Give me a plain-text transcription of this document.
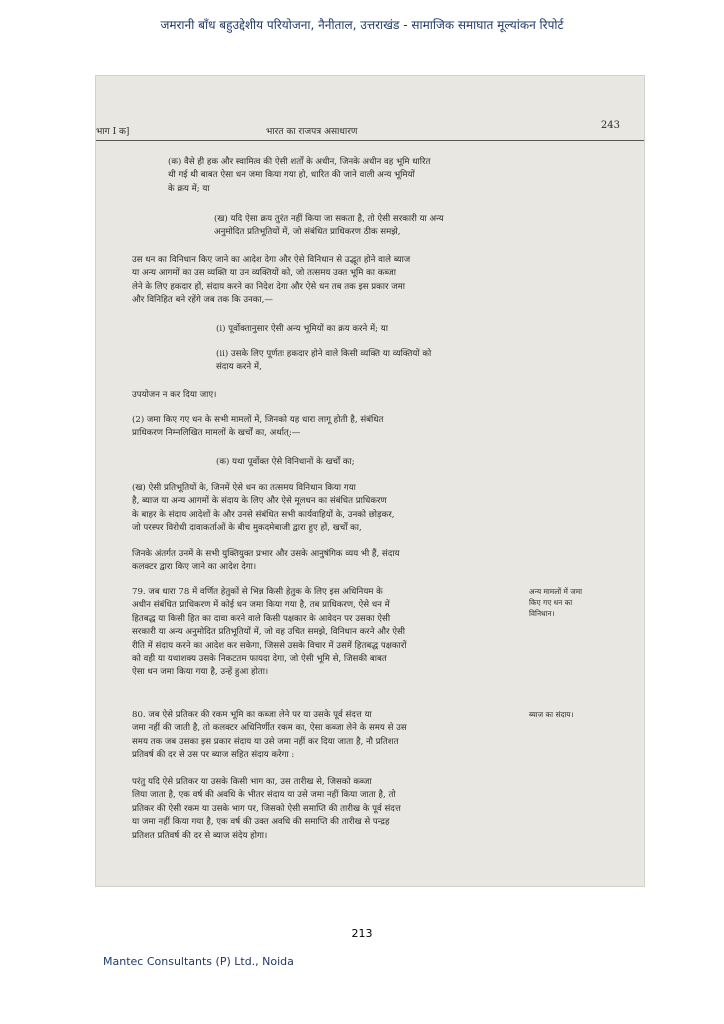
जमरानी बाँध बहुउद्देशीय परियोजना, नैनीताल, उत्तराखंड - सामाजिक समाघात मूल्यांकन रिपोर्ट
भाग I क]	भारत का राजपत्र असाधारण
243
(क) वैसे ही हक और स्वामित्व की ऐसी शर्तों के अधीन, जिनके अधीन वह भूमि धारित
थी गई थी बाबत ऐसा धन जमा किया गया हो, धारित की जाने वाली अन्य भूमियों
के क्रय में; या
(ख) यदि ऐसा क्रय तुरंत नहीं किया जा सकता है, तो ऐसी सरकारी या अन्य
अनुमोदित प्रतिभूतियों में, जो संबंधित प्राधिकरण ठीक समझे,
उस धन का विनिधान किए जाने का आदेश देगा और ऐसे विनिधान से उद्भूत होने वाले ब्याज
या अन्य आगमों का उस व्यक्ति या उन व्यक्तियों को, जो तत्समय उक्त भूमि का कब्जा
लेने के लिए हकदार हों, संदाय करने का निदेश देगा और ऐसे धन तब तक इस प्रकार जमा
और विनिहित बने रहेंगे जब तक कि उनका,—
(i) पूर्वोक्तानुसार ऐसी अन्य भूमियों का क्रय करने में; या
(ii) उसके लिए पूर्णतः हकदार होने वाले किसी व्यक्ति या व्यक्तियों को
संदाय करने में,
उपयोजन न कर दिया जाए।
(2) जमा किए गए धन के सभी मामलों में, जिनको यह धारा लागू होती है, संबंधित
प्राधिकरण निम्नलिखित मामलों के खर्चों का, अर्थात्:—
(क) यथा पूर्वोक्त ऐसे विनिधानों के खर्चों का;
(ख) ऐसी प्रतिभूतियों के, जिनमें ऐसे धन का तत्समय विनिधान किया गया
है, ब्याज या अन्य आगमों के संदाय के लिए और ऐसे मूलधन का संबंधित प्राधिकरण
के बाहर के संदाय आदेशों के और उनसे संबंधित सभी कार्यवाहियों के, उनको छोड़कर,
जो परस्पर विरोधी दावाकर्ताओं के बीच मुकदमेबाजी द्वारा हुए हों, खर्चों का,
जिनके अंतर्गत उनमें के सभी युक्तियुक्त प्रभार और उसके आनुषंगिक व्यय भी हैं, संदाय
कलक्टर द्वारा किए जाने का आदेश देगा।
79. जब धारा 78 में वर्णित हेतुकों से भिन्न किसी हेतुक के लिए इस अधिनियम के
अधीन संबंधित प्राधिकरण में कोई धन जमा किया गया है, तब प्राधिकरण, ऐसे धन में
हितबद्ध या किसी हित का दावा करने वाले किसी पक्षकार के आवेदन पर उसका ऐसी
सरकारी या अन्य अनुमोदित प्रतिभूतियों में, जो वह उचित समझे, विनिधान करने और ऐसी
रीति में संदाय करने का आदेश कर सकेगा, जिससे उसके विचार में उसमें हितबद्ध पक्षकारों
को वही या यथाशक्य उसके निकटतम फायदा देगा, जो ऐसी भूमि से, जिसकी बाबत
ऐसा धन जमा किया गया है, उन्हें हुआ होता।
अन्य मामलों में जमा
किए गए धन का
विनिधान।
80. जब ऐसे प्रतिकर की रकम भूमि का कब्जा लेने पर या उसके पूर्व संदत्त या
जमा नहीं की जाती है, तो कलक्टर अधिनिर्णीत रकम का, ऐसा कब्जा लेने के समय से उस
समय तक जब उसका इस प्रकार संदाय या उसे जमा नहीं कर दिया जाता है, नौ प्रतिशत
प्रतिवर्ष की दर से उस पर ब्याज सहित संदाय करेगा :
ब्याज का संदाय।
परंतु यदि ऐसे प्रतिकर या उसके किसी भाग का, उस तारीख से, जिसको कब्जा
लिया जाता है, एक वर्ष की अवधि के भीतर संदाय या उसे जमा नहीं किया जाता है, तो
प्रतिकर की ऐसी रकम या उसके भाग पर, जिसको ऐसी समाप्ति की तारीख के पूर्व संदत्त
या जमा नहीं किया गया है, एक वर्ष की उक्त अवधि की समाप्ति की तारीख से पन्द्रह
प्रतिशत प्रतिवर्ष की दर से ब्याज संदेय होगा।
213
Mantec Consultants (P) Ltd., Noida
